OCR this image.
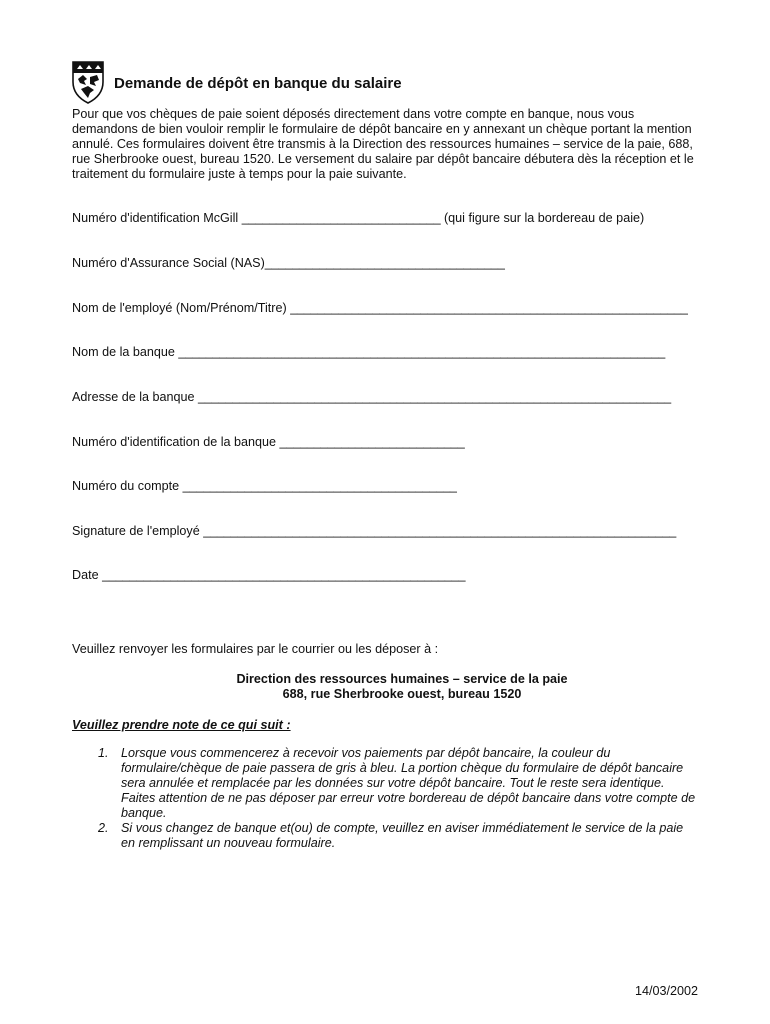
Demande de dépôt en banque du salaire
Pour que vos chèques de paie soient déposés directement dans votre compte en banque, nous vous
demandons de bien vouloir remplir le formulaire de dépôt bancaire en y annexant un chèque portant la mention
annulé. Ces formulaires doivent être transmis à la Direction des ressources humaines – service de la paie, 688,
rue Sherbrooke ouest, bureau 1520. Le versement du salaire par dépôt bancaire débutera dès la réception et le
traitement du formulaire juste à temps pour la paie suivante.
Numéro d'identification McGill _____________________________ (qui figure sur la bordereau de paie)
Numéro d'Assurance Social (NAS)___________________________________
Nom de l'employé (Nom/Prénom/Titre) __________________________________________________________
Nom de la banque _______________________________________________________________________
Adresse de la banque _____________________________________________________________________
Numéro d'identification de la banque ___________________________
Numéro du compte ________________________________________
Signature de l'employé _____________________________________________________________________
Date _____________________________________________________
Veuillez renvoyer les formulaires par le courrier ou les déposer à :
Direction des ressources humaines – service de la paie
688, rue Sherbrooke ouest, bureau 1520
Veuillez prendre note de ce qui suit :
1. Lorsque vous commencerez à recevoir vos paiements par dépôt bancaire, la couleur du
formulaire/chèque de paie passera de gris à bleu. La portion chèque du formulaire de dépôt bancaire
sera annulée et remplacée par les données sur votre dépôt bancaire. Tout le reste sera identique.
Faites attention de ne pas déposer par erreur votre bordereau de dépôt bancaire dans votre compte de
banque.
2. Si vous changez de banque et(ou) de compte, veuillez en aviser immédiatement le service de la paie
en remplissant un nouveau formulaire.
14/03/2002
